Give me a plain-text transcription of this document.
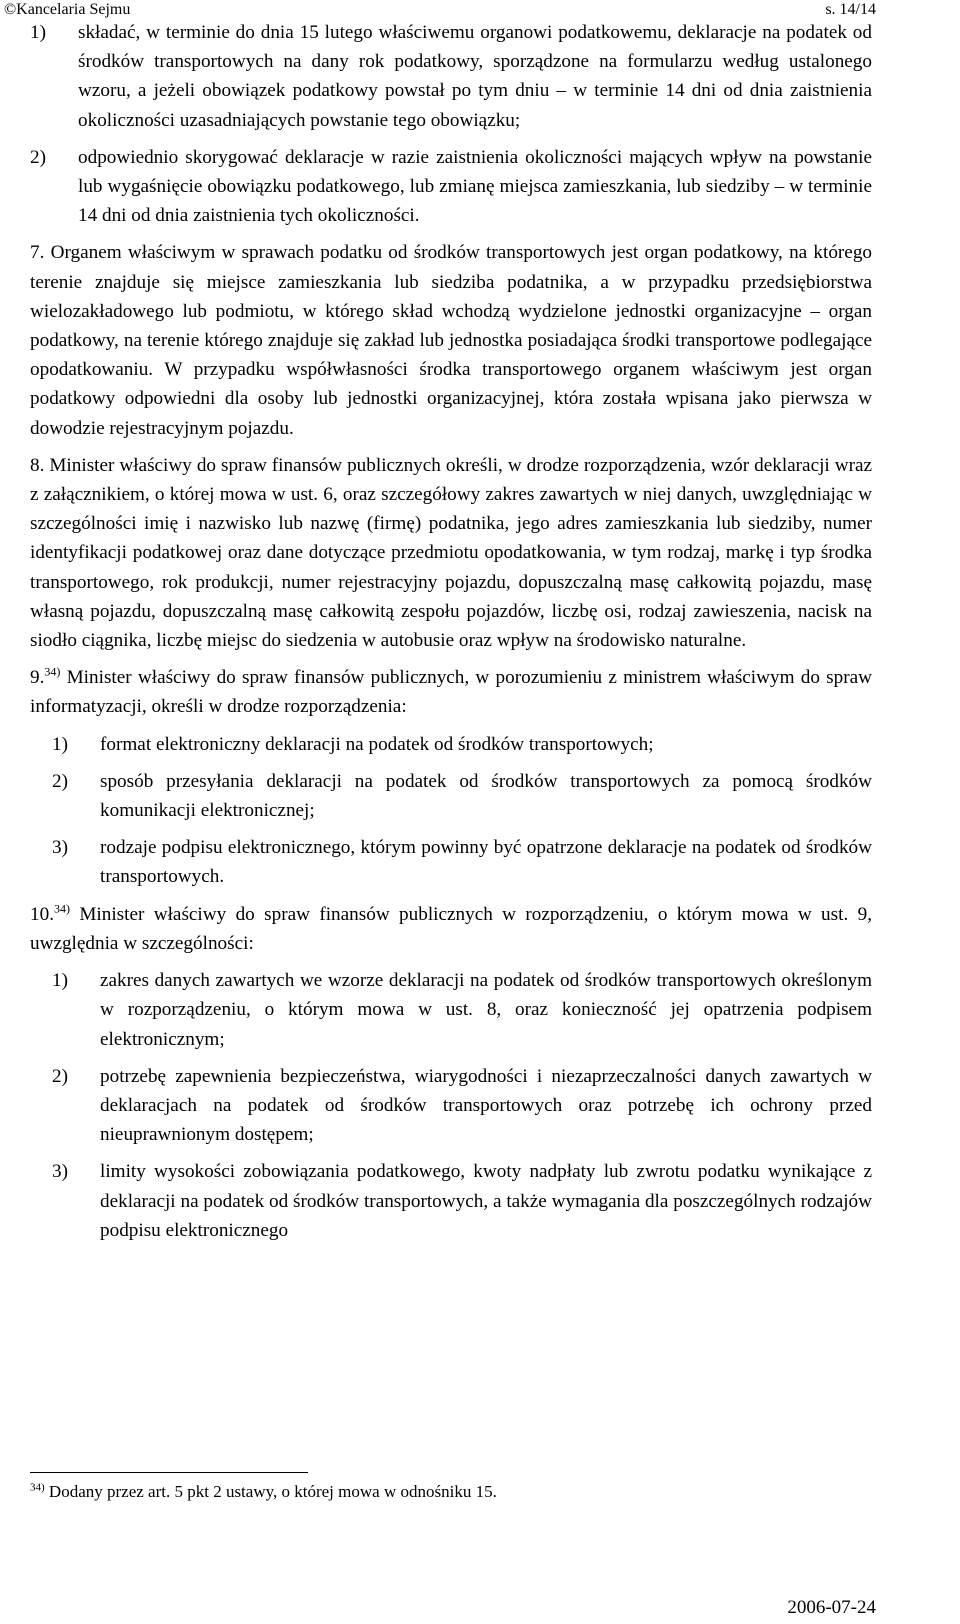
©Kancelaria Sejmu	s. 14/14
1) składać, w terminie do dnia 15 lutego właściwemu organowi podatkowemu, deklaracje na podatek od środków transportowych na dany rok podatkowy, sporządzone na formularzu według ustalonego wzoru, a jeżeli obowiązek podatkowy powstał po tym dniu – w terminie 14 dni od dnia zaistnienia okoliczności uzasadniających powstanie tego obowiązku;
2) odpowiednio skorygować deklaracje w razie zaistnienia okoliczności mających wpływ na powstanie lub wygaśnięcie obowiązku podatkowego, lub zmianę miejsca zamieszkania, lub siedziby – w terminie 14 dni od dnia zaistnienia tych okoliczności.

7. Organem właściwym w sprawach podatku od środków transportowych jest organ podatkowy, na którego terenie znajduje się miejsce zamieszkania lub siedziba podatnika, a w przypadku przedsiębiorstwa wielozakładowego lub podmiotu, w którego skład wchodzą wydzielone jednostki organizacyjne – organ podatkowy, na terenie którego znajduje się zakład lub jednostka posiadająca środki transportowe podlegające opodatkowaniu. W przypadku współwłasności środka transportowego organem właściwym jest organ podatkowy odpowiedni dla osoby lub jednostki organizacyjnej, która została wpisana jako pierwsza w dowodzie rejestracyjnym pojazdu.

8. Minister właściwy do spraw finansów publicznych określi, w drodze rozporządzenia, wzór deklaracji wraz z załącznikiem, o której mowa w ust. 6, oraz szczegółowy zakres zawartych w niej danych, uwzględniając w szczególności imię i nazwisko lub nazwę (firmę) podatnika, jego adres zamieszkania lub siedziby, numer identyfikacji podatkowej oraz dane dotyczące przedmiotu opodatkowania, w tym rodzaj, markę i typ środka transportowego, rok produkcji, numer rejestracyjny pojazdu, dopuszczalną masę całkowitą pojazdu, masę własną pojazdu, dopuszczalną masę całkowitą zespołu pojazdów, liczbę osi, rodzaj zawieszenia, nacisk na siodło ciągnika, liczbę miejsc do siedzenia w autobusie oraz wpływ na środowisko naturalne.

9.$^{34)}$ Minister właściwy do spraw finansów publicznych, w porozumieniu z ministrem właściwym do spraw informatyzacji, określi w drodze rozporządzenia:

1) format elektroniczny deklaracji na podatek od środków transportowych;
2) sposób przesyłania deklaracji na podatek od środków transportowych za pomocą środków komunikacji elektronicznej;
3) rodzaje podpisu elektronicznego, którym powinny być opatrzone deklaracje na podatek od środków transportowych.

10.$^{34)}$ Minister właściwy do spraw finansów publicznych w rozporządzeniu, o którym mowa w ust. 9, uwzględnia w szczególności:

1) zakres danych zawartych we wzorze deklaracji na podatek od środków transportowych określonym w rozporządzeniu, o którym mowa w ust. 8, oraz konieczność jej opatrzenia podpisem elektronicznym;
2) potrzebę zapewnienia bezpieczeństwa, wiarygodności i niezaprzeczalności danych zawartych w deklaracjach na podatek od środków transportowych oraz potrzebę ich ochrony przed nieuprawnionym dostępem;
3) limity wysokości zobowiązania podatkowego, kwoty nadpłaty lub zwrotu podatku wynikające z deklaracji na podatek od środków transportowych, a także wymagania dla poszczególnych rodzajów podpisu elektronicznego
$^{34)}$ Dodany przez art. 5 pkt 2 ustawy, o której mowa w odnośniku 15.
2006-07-24
